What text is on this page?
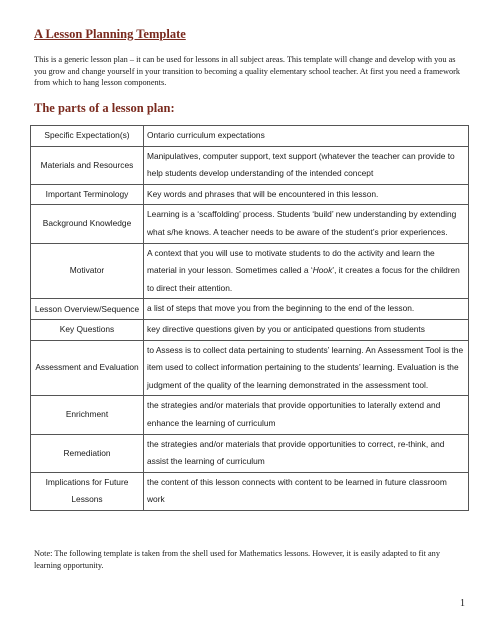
A Lesson Planning Template
This is a generic lesson plan – it can be used for lessons in all subject areas. This template will change and develop with you as you grow and change yourself in your transition to becoming a quality elementary school teacher. At first you need a framework from which to hang lesson components.
The parts of a lesson plan:
Specific Expectation(s)	Ontario curriculum expectations
Materials and Resources	Manipulatives, computer support, text support (whatever the teacher can provide to help students develop understanding of the intended concept
Important Terminology	Key words and phrases that will be encountered in this lesson.
Background Knowledge	Learning is a ‘scaffolding’ process. Students ‘build’ new understanding by extending what s/he knows. A teacher needs to be aware of the student’s prior experiences.
Motivator	A context that you will use to motivate students to do the activity and learn the material in your lesson. Sometimes called a ‘Hook’, it creates a focus for the children to direct their attention.
Lesson Overview/Sequence	a list of steps that move you from the beginning to the end of the lesson.
Key Questions	key directive questions given by you or anticipated questions from students
Assessment and Evaluation	to Assess is to collect data pertaining to students’ learning. An Assessment Tool is the item used to collect information pertaining to the students’ learning. Evaluation is the judgment of the quality of the learning demonstrated in the assessment tool.
Enrichment	the strategies and/or materials that provide opportunities to laterally extend and enhance the learning of curriculum
Remediation	the strategies and/or materials that provide opportunities to correct, re-think, and assist the learning of curriculum
Implications for Future Lessons	the content of this lesson connects with content to be learned in future classroom work
Note: The following template is taken from the shell used for Mathematics lessons. However, it is easily adapted to fit any learning opportunity.
1
